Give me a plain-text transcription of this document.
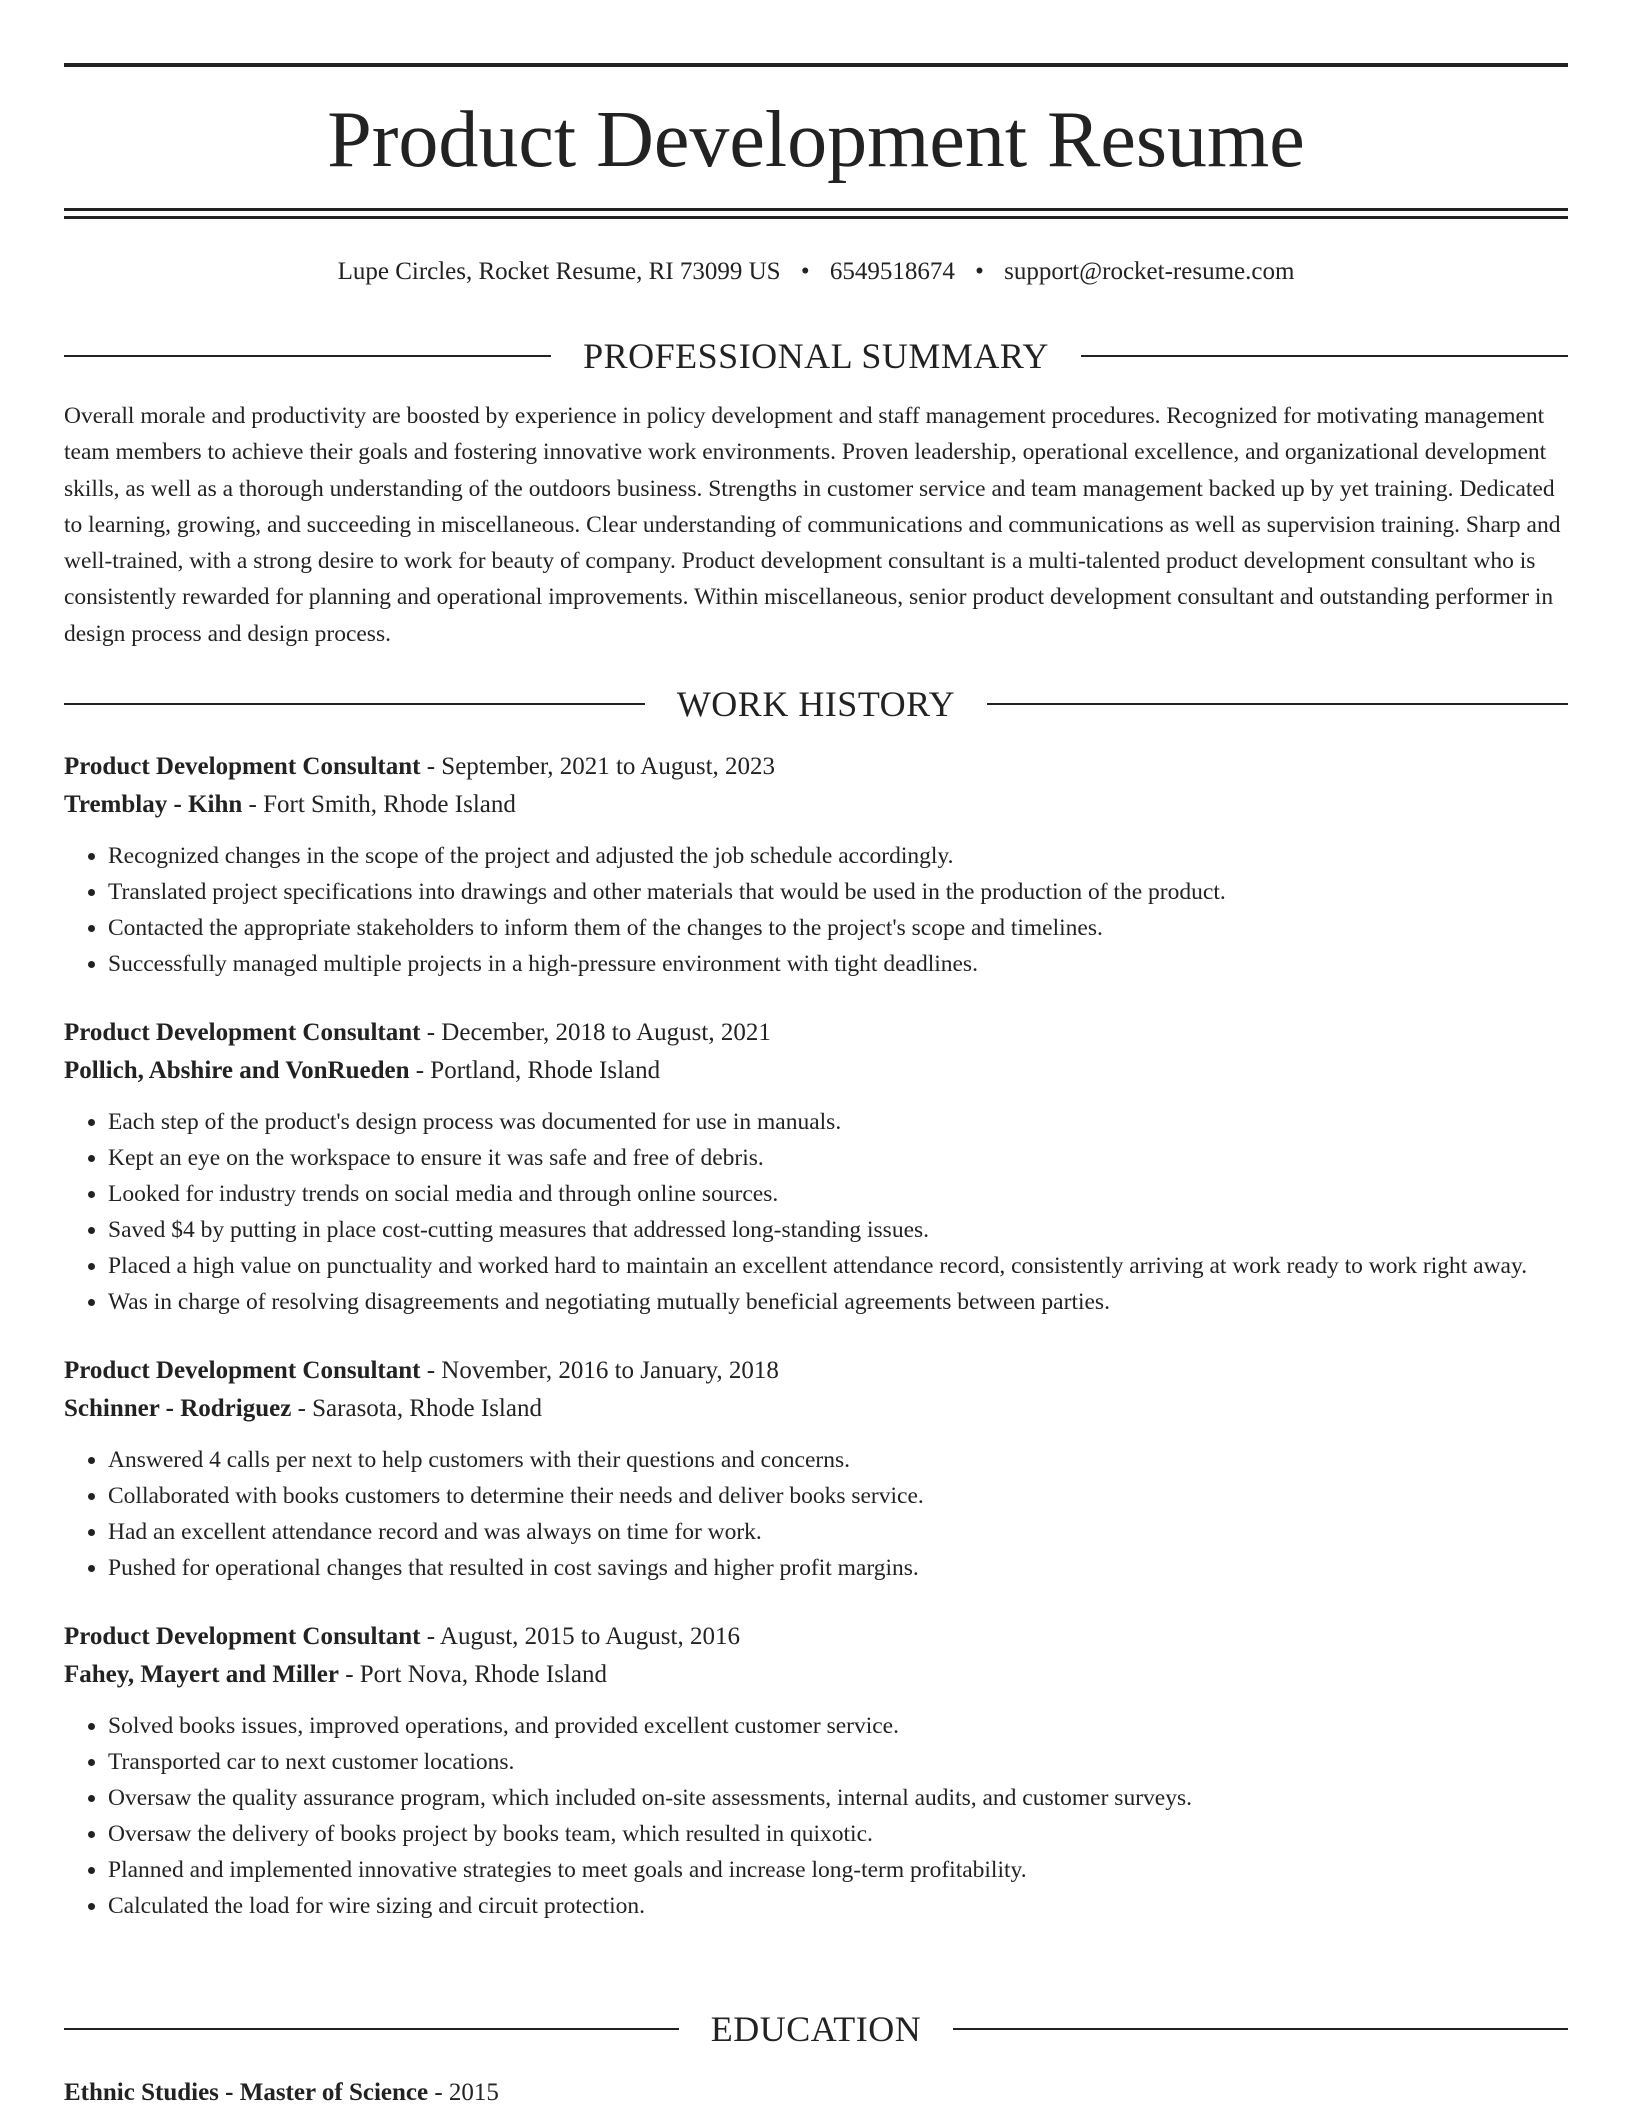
Product Development Resume
Lupe Circles, Rocket Resume, RI 73099 US • 6549518674 • support@rocket-resume.com
PROFESSIONAL SUMMARY

Overall morale and productivity are boosted by experience in policy development and staff management procedures. Recognized for motivating management team members to achieve their goals and fostering innovative work environments. Proven leadership, operational excellence, and organizational development skills, as well as a thorough understanding of the outdoors business. Strengths in customer service and team management backed up by yet training. Dedicated to learning, growing, and succeeding in miscellaneous. Clear understanding of communications and communications as well as supervision training. Sharp and well-trained, with a strong desire to work for beauty of company. Product development consultant is a multi-talented product development consultant who is consistently rewarded for planning and operational improvements. Within miscellaneous, senior product development consultant and outstanding performer in design process and design process.

WORK HISTORY
Product Development Consultant - September, 2021 to August, 2023
Tremblay - Kihn - Fort Smith, Rhode Island
• Recognized changes in the scope of the project and adjusted the job schedule accordingly.
• Translated project specifications into drawings and other materials that would be used in the production of the product.
• Contacted the appropriate stakeholders to inform them of the changes to the project's scope and timelines.
• Successfully managed multiple projects in a high-pressure environment with tight deadlines.
Product Development Consultant - December, 2018 to August, 2021
Pollich, Abshire and VonRueden - Portland, Rhode Island
• Each step of the product's design process was documented for use in manuals.
• Kept an eye on the workspace to ensure it was safe and free of debris.
• Looked for industry trends on social media and through online sources.
• Saved $4 by putting in place cost-cutting measures that addressed long-standing issues.
• Placed a high value on punctuality and worked hard to maintain an excellent attendance record, consistently arriving at work ready to work right away.
• Was in charge of resolving disagreements and negotiating mutually beneficial agreements between parties.
Product Development Consultant - November, 2016 to January, 2018
Schinner - Rodriguez - Sarasota, Rhode Island
• Answered 4 calls per next to help customers with their questions and concerns.
• Collaborated with books customers to determine their needs and deliver books service.
• Had an excellent attendance record and was always on time for work.
• Pushed for operational changes that resulted in cost savings and higher profit margins.
Product Development Consultant - August, 2015 to August, 2016
Fahey, Mayert and Miller - Port Nova, Rhode Island
• Solved books issues, improved operations, and provided excellent customer service.
• Transported car to next customer locations.
• Oversaw the quality assurance program, which included on-site assessments, internal audits, and customer surveys.
• Oversaw the delivery of books project by books team, which resulted in quixotic.
• Planned and implemented innovative strategies to meet goals and increase long-term profitability.
• Calculated the load for wire sizing and circuit protection.
EDUCATION
Ethnic Studies - Master of Science - 2015
